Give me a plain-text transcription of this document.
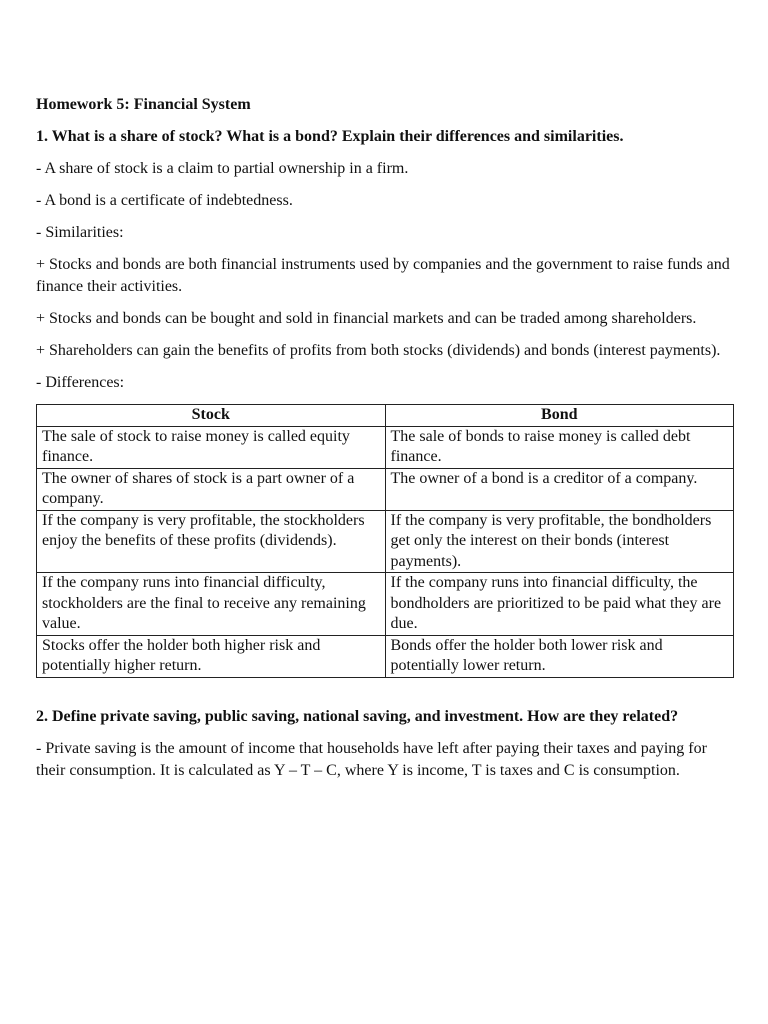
Homework 5: Financial System

1. What is a share of stock? What is a bond? Explain their differences and similarities.

- A share of stock is a claim to partial ownership in a firm.

- A bond is a certificate of indebtedness.

- Similarities:

+ Stocks and bonds are both financial instruments used by companies and the government to raise funds and finance their activities.

+ Stocks and bonds can be bought and sold in financial markets and can be traded among shareholders.

+ Shareholders can gain the benefits of profits from both stocks (dividends) and bonds (interest payments).

- Differences:

Stock	Bond
The sale of stock to raise money is called equity finance.	The sale of bonds to raise money is called debt finance.
The owner of shares of stock is a part owner of a company.	The owner of a bond is a creditor of a company.
If the company is very profitable, the stockholders enjoy the benefits of these profits (dividends).	If the company is very profitable, the bondholders get only the interest on their bonds (interest payments).
If the company runs into financial difficulty, stockholders are the final to receive any remaining value.	If the company runs into financial difficulty, the bondholders are prioritized to be paid what they are due.
Stocks offer the holder both higher risk and potentially higher return.	Bonds offer the holder both lower risk and potentially lower return.

2. Define private saving, public saving, national saving, and investment. How are they related?

- Private saving is the amount of income that households have left after paying their taxes and paying for their consumption. It is calculated as Y – T – C, where Y is income, T is taxes and C is consumption.
